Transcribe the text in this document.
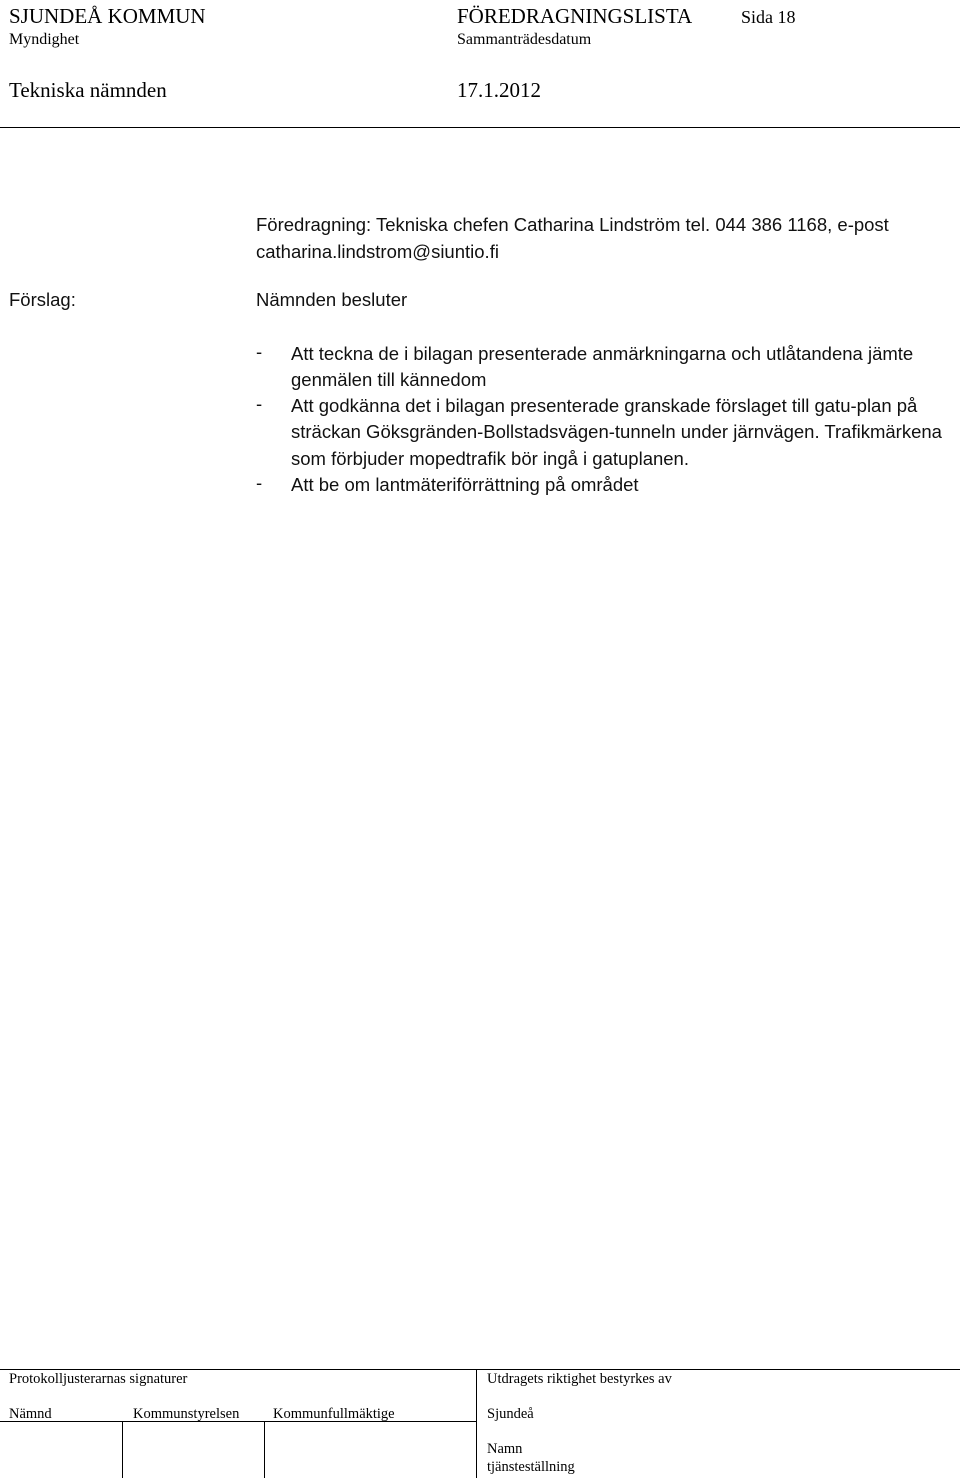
SJUNDEÅ KOMMUN	FÖREDRAGNINGSLISTA	Sida 18
Myndighet	Sammanträdesdatum
Tekniska nämnden	17.1.2012
Föredragning: Tekniska chefen Catharina Lindström tel. 044 386 1168, e-post catharina.lindstrom@siuntio.fi
Förslag:	Nämnden besluter
- Att teckna de i bilagan presenterade anmärkningarna och utlåtandena jämte genmälen till kännedom
- Att godkänna det i bilagan presenterade granskade förslaget till gatu-plan på sträckan Göksgränden-Bollstadsvägen-tunneln under järnvägen. Trafikmärkena som förbjuder mopedtrafik bör ingå i gatuplanen.
- Att be om lantmäteriförrättning på området
Protokolljusterarnas signaturer	Utdragets riktighet bestyrkes av
Nämnd	Kommunstyrelsen Kommunfullmäktige	Sjundeå
Namn
tjänsteställning
